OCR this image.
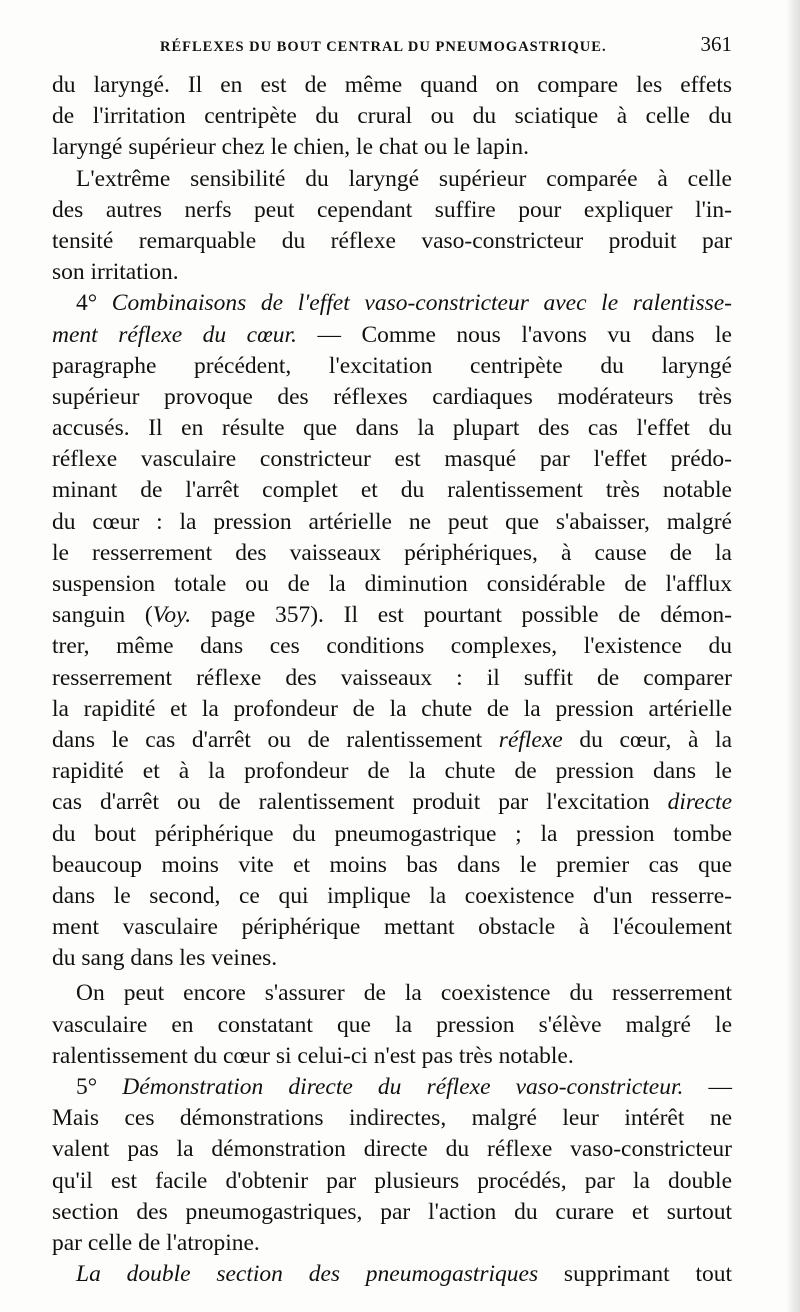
RÉFLEXES DU BOUT CENTRAL DU PNEUMOGASTRIQUE.	361
du laryngé. Il en est de même quand on compare les effets
de l'irritation centripète du crural ou du sciatique à celle du
laryngé supérieur chez le chien, le chat ou le lapin.
L'extrême sensibilité du laryngé supérieur comparée à celle
des autres nerfs peut cependant suffire pour expliquer l'in-
tensité remarquable du réflexe vaso-constricteur produit par
son irritation.
4° Combinaisons de l'effet vaso-constricteur avec le ralentisse-
ment réflexe du cœur. — Comme nous l'avons vu dans le
paragraphe précédent, l'excitation centripète du laryngé
supérieur provoque des réflexes cardiaques modérateurs très
accusés. Il en résulte que dans la plupart des cas l'effet du
réflexe vasculaire constricteur est masqué par l'effet prédo-
minant de l'arrêt complet et du ralentissement très notable
du cœur : la pression artérielle ne peut que s'abaisser, malgré
le resserrement des vaisseaux périphériques, à cause de la
suspension totale ou de la diminution considérable de l'afflux
sanguin (Voy. page 357). Il est pourtant possible de démon-
trer, même dans ces conditions complexes, l'existence du
resserrement réflexe des vaisseaux : il suffit de comparer
la rapidité et la profondeur de la chute de la pression artérielle
dans le cas d'arrêt ou de ralentissement réflexe du cœur, à la
rapidité et à la profondeur de la chute de pression dans le
cas d'arrêt ou de ralentissement produit par l'excitation directe
du bout périphérique du pneumogastrique ; la pression tombe
beaucoup moins vite et moins bas dans le premier cas que
dans le second, ce qui implique la coexistence d'un resserre-
ment vasculaire périphérique mettant obstacle à l'écoulement
du sang dans les veines.
On peut encore s'assurer de la coexistence du resserrement
vasculaire en constatant que la pression s'élève malgré le
ralentissement du cœur si celui-ci n'est pas très notable.
5° Démonstration directe du réflexe vaso-constricteur. —
Mais ces démonstrations indirectes, malgré leur intérêt ne
valent pas la démonstration directe du réflexe vaso-constricteur
qu'il est facile d'obtenir par plusieurs procédés, par la double
section des pneumogastriques, par l'action du curare et surtout
par celle de l'atropine.
La double section des pneumogastriques supprimant tout
